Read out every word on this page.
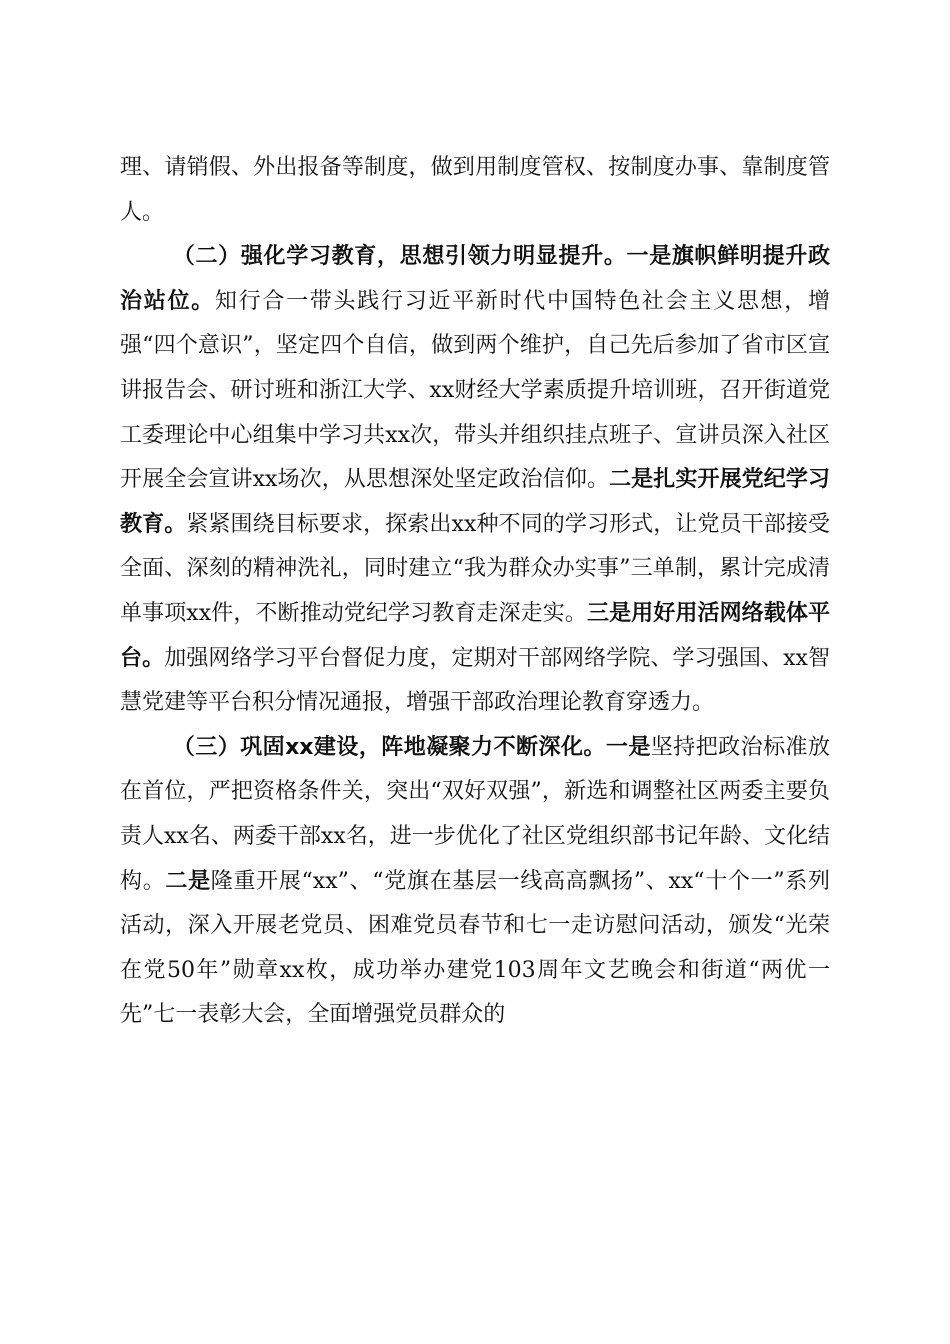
理、请销假、外出报备等制度，做到用制度管权、按制度办事、靠制度管人。

（二）强化学习教育，思想引领力明显提升。一是旗帜鲜明提升政治站位。知行合一带头践行习近平新时代中国特色社会主义思想，增强“四个意识”，坚定四个自信，做到两个维护，自己先后参加了省市区宣讲报告会、研讨班和浙江大学、xx财经大学素质提升培训班，召开街道党工委理论中心组集中学习共xx次，带头并组织挂点班子、宣讲员深入社区开展全会宣讲xx场次，从思想深处坚定政治信仰。二是扎实开展党纪学习教育。紧紧围绕目标要求，探索出xx种不同的学习形式，让党员干部接受全面、深刻的精神洗礼，同时建立“我为群众办实事”三单制，累计完成清单事项xx件，不断推动党纪学习教育走深走实。三是用好用活网络载体平台。加强网络学习平台督促力度，定期对干部网络学院、学习强国、xx智慧党建等平台积分情况通报，增强干部政治理论教育穿透力。

（三）巩固xx建设，阵地凝聚力不断深化。一是坚持把政治标准放在首位，严把资格条件关，突出“双好双强”，新选和调整社区两委主要负责人xx名、两委干部xx名，进一步优化了社区党组织部书记年龄、文化结构。二是隆重开展“xx”、“党旗在基层一线高高飘扬”、xx“十个一”系列活动，深入开展老党员、困难党员春节和七一走访慰问活动，颁发“光荣在党50年”勋章xx枚，成功举办建党103周年文艺晚会和街道“两优一先”七一表彰大会，全面增强党员群众的
